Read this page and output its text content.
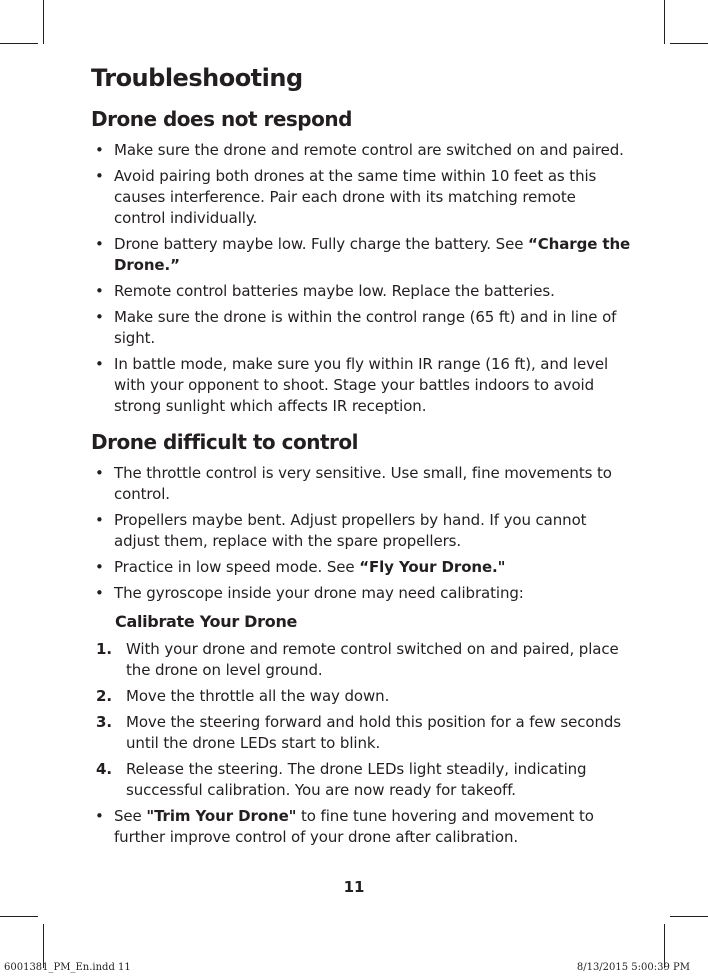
Troubleshooting
Drone does not respond
• Make sure the drone and remote control are switched on and paired.
• Avoid pairing both drones at the same time within 10 feet as this causes interference. Pair each drone with its matching remote control individually.
• Drone battery maybe low. Fully charge the battery. See “Charge the Drone.”
• Remote control batteries maybe low. Replace the batteries.
• Make sure the drone is within the control range (65 ft) and in line of sight.
• In battle mode, make sure you fly within IR range (16 ft), and level with your opponent to shoot. Stage your battles indoors to avoid strong sunlight which affects IR reception.
Drone difficult to control
• The throttle control is very sensitive. Use small, fine movements to control.
• Propellers maybe bent. Adjust propellers by hand. If you cannot adjust them, replace with the spare propellers.
• Practice in low speed mode. See “Fly Your Drone."
• The gyroscope inside your drone may need calibrating:
Calibrate Your Drone
1. With your drone and remote control switched on and paired, place the drone on level ground.
2. Move the throttle all the way down.
3. Move the steering forward and hold this position for a few seconds until the drone LEDs start to blink.
4. Release the steering. The drone LEDs light steadily, indicating successful calibration. You are now ready for takeoff.
• See "Trim Your Drone" to fine tune hovering and movement to further improve control of your drone after calibration.
11
6001381_PM_En.indd 11	8/13/2015 5:00:39 PM
